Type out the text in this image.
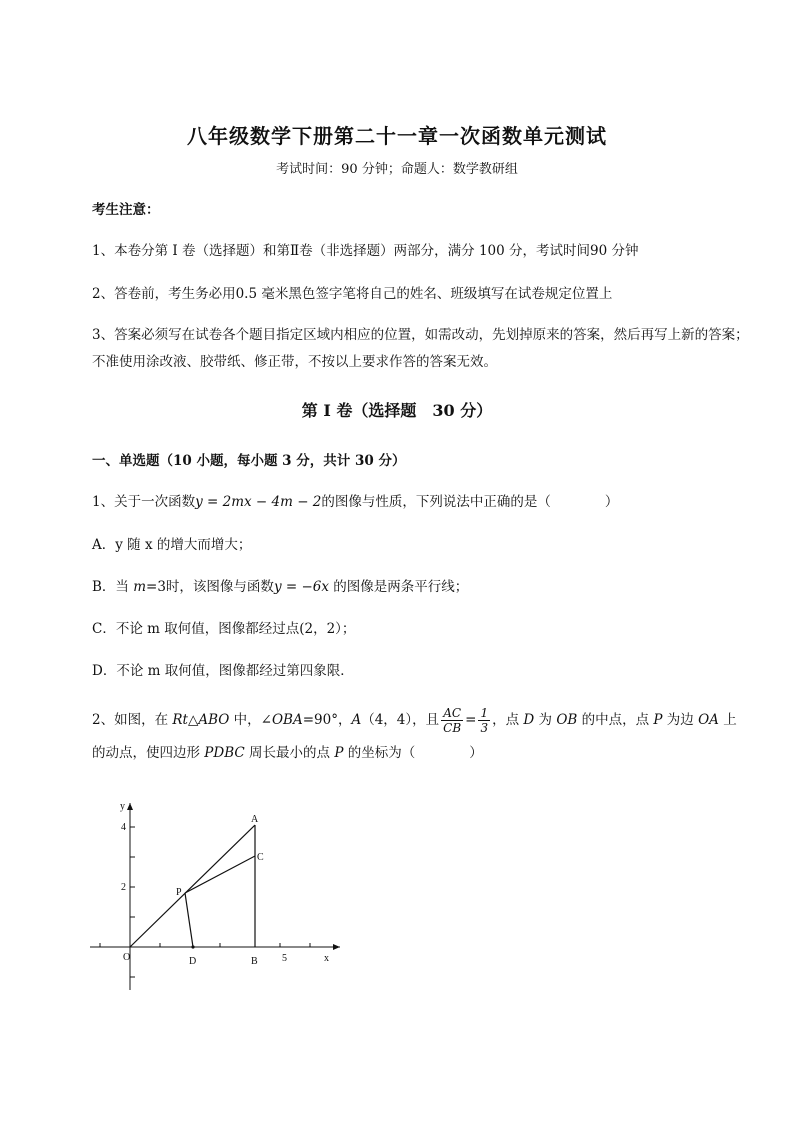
八年级数学下册第二十一章一次函数单元测试
考试时间：90 分钟；命题人：数学教研组
考生注意：
1、本卷分第 I 卷（选择题）和第Ⅱ卷（非选择题）两部分，满分 100 分，考试时间90 分钟
2、答卷前，考生务必用0.5 毫米黑色签字笔将自己的姓名、班级填写在试卷规定位置上
3、答案必须写在试卷各个题目指定区域内相应的位置，如需改动，先划掉原来的答案，然后再写上新的答案；不准使用涂改液、胶带纸、修正带，不按以上要求作答的答案无效。
第 I 卷（选择题　30 分）
一、单选题（10 小题，每小题 3 分，共计 30 分）
1、关于一次函数y = 2mx − 4m − 2的图像与性质，下列说法中正确的是（　　　　）
A．y 随 x 的增大而增大；
B．当 m=3时，该图像与函数y = −6x 的图像是两条平行线；
C．不论 m 取何值，图像都经过点(2，2）；
D．不论 m 取何值，图像都经过第四象限．
2、如图，在 Rt△ABO 中，∠OBA=90°，A（4，4），且 $\frac{AC}{CB} = \frac{1}{3}$ ，点 D 为 OB 的中点，点 P 为边 OA 上
的动点，使四边形 PDBC 周长最小的点 P 的坐标为（　　　　）
y
x
O
4
2
5
A
C
P
D	B
